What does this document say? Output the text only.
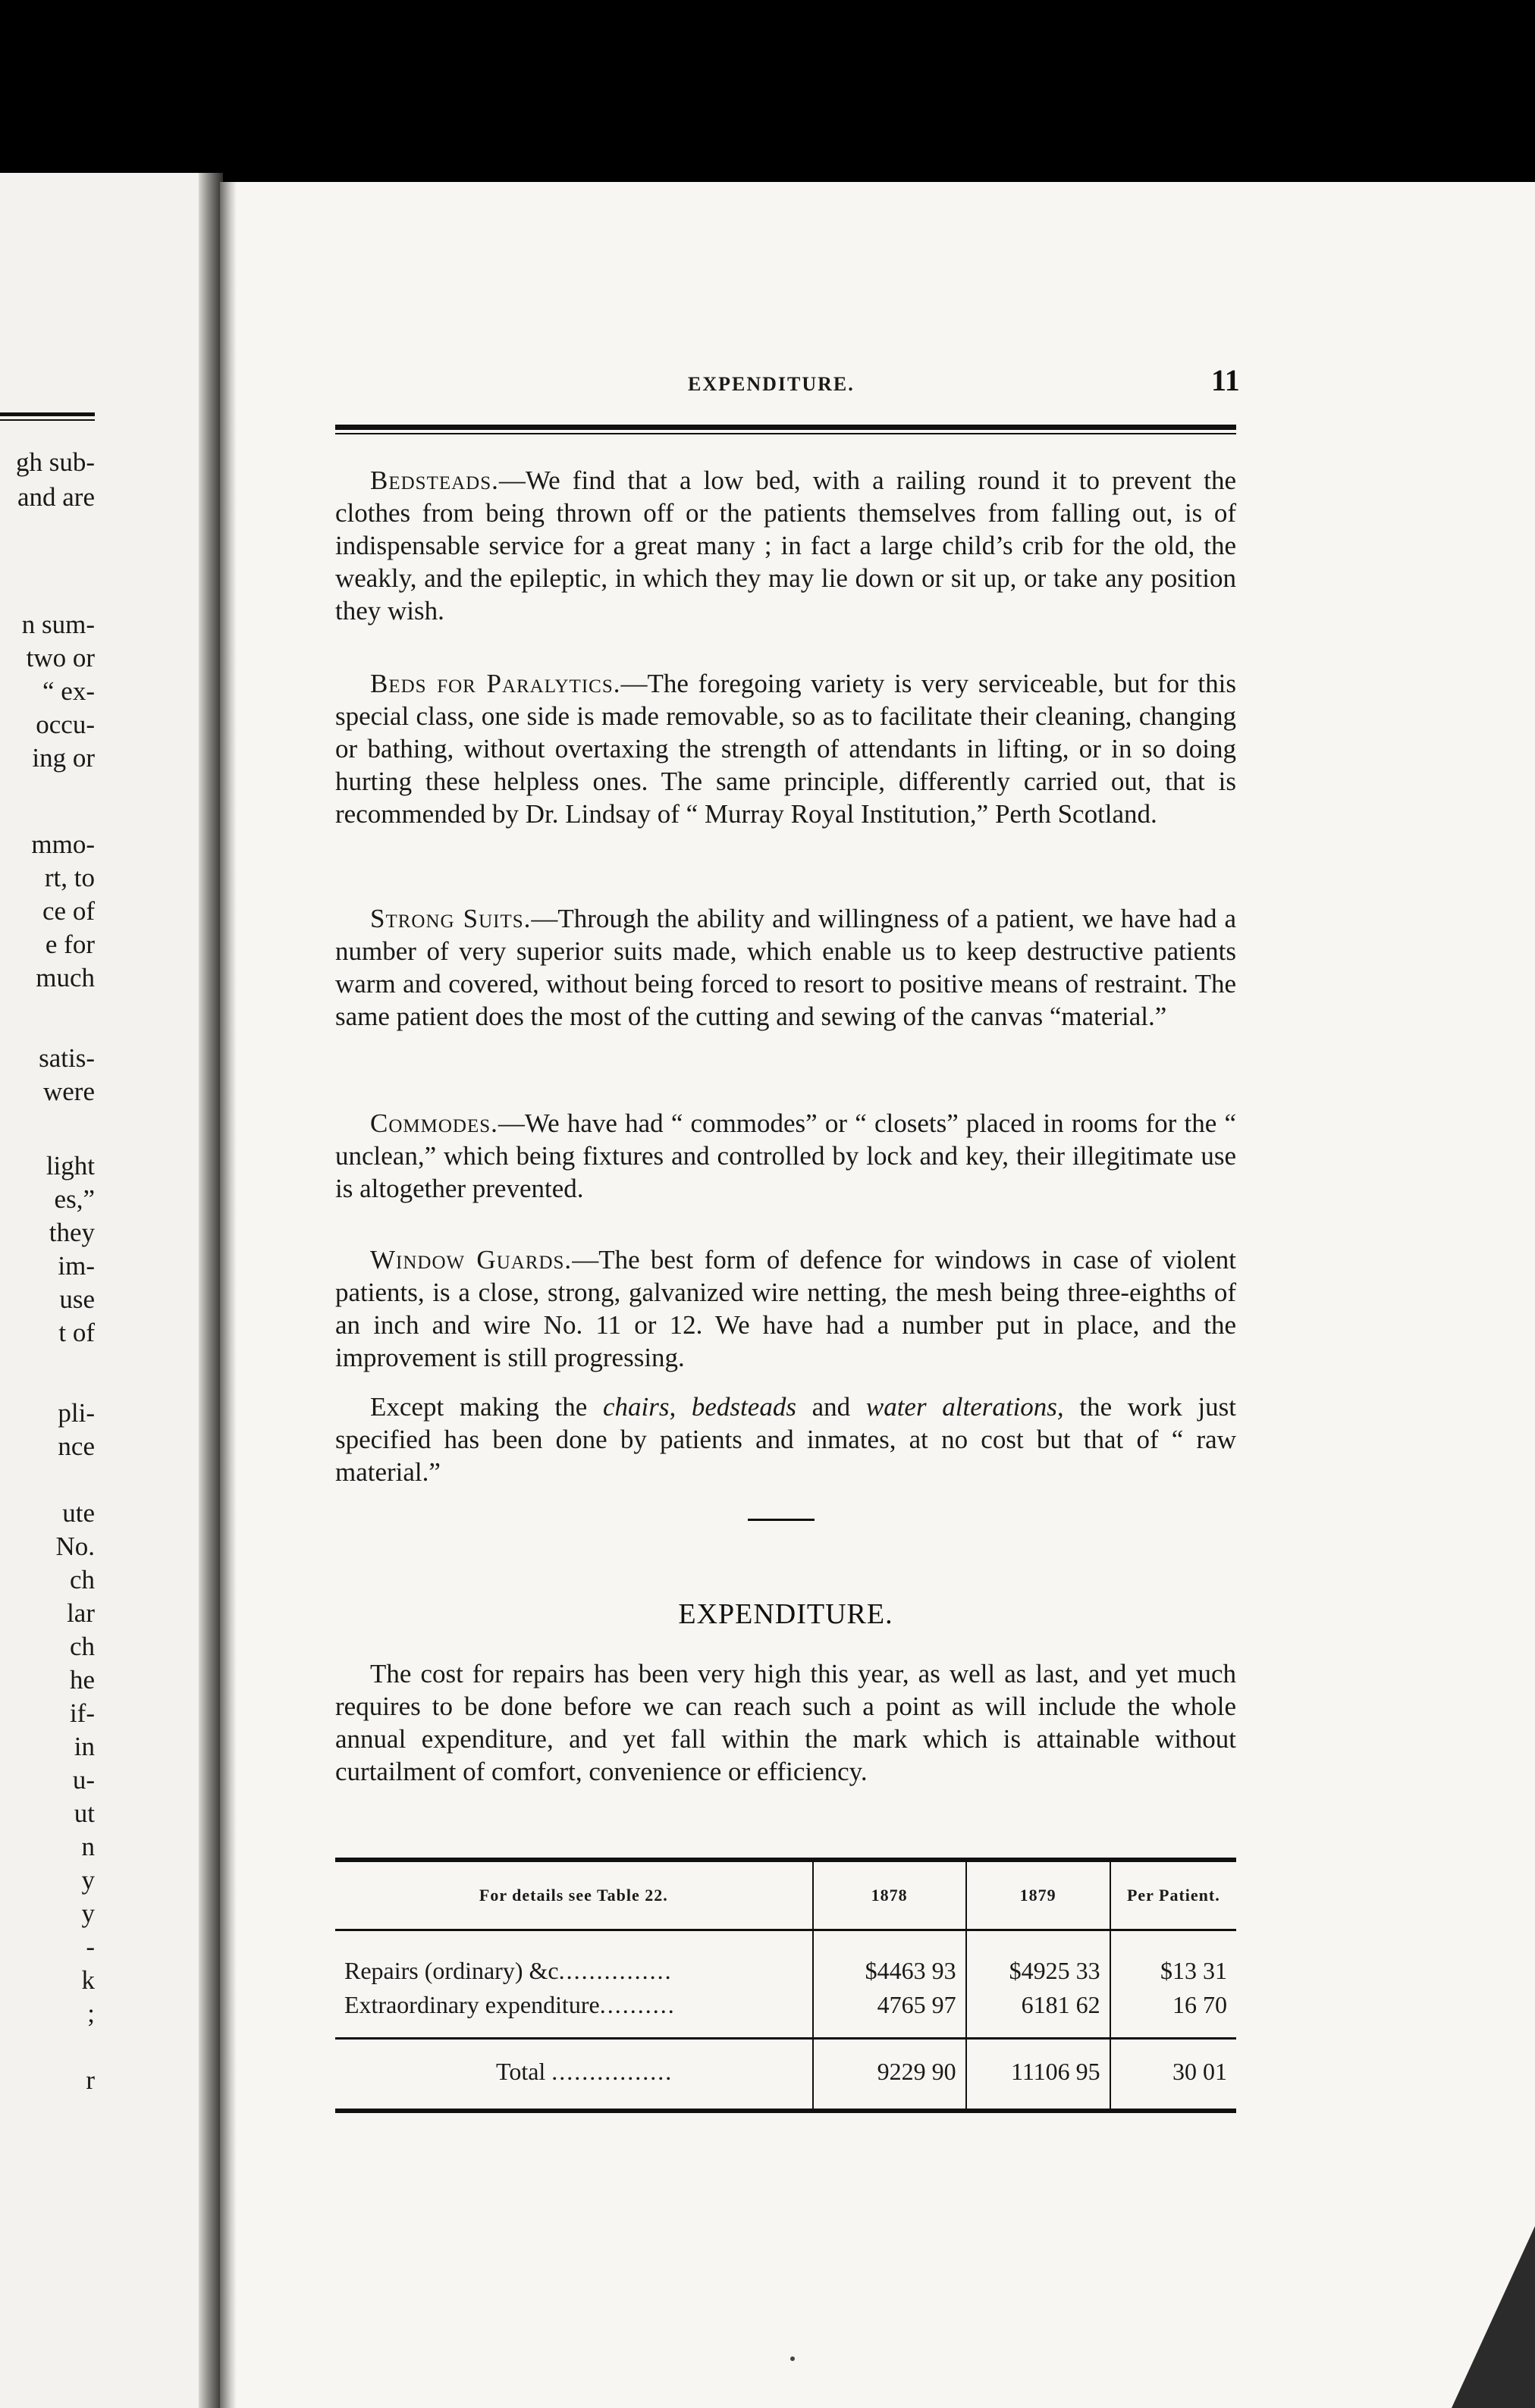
gh sub-
and are
n sum-
two or
“ ex-
occu-
ing or
mmo-
rt, to
ce of
e for
much
satis-
were
light
es,”
they
im-
use
t of
pli-
nce
ute
No.
ch
lar
ch
he
if-
in
u-
ut
n
y
y
-
k
;
r
EXPENDITURE.	11

Bedsteads.—We find that a low bed, with a railing round it to prevent the clothes from being thrown off or the patients themselves from falling out, is of indispensable service for a great many ; in fact a large child’s crib for the old, the weakly, and the epileptic, in which they may lie down or sit up, or take any position they wish.

Beds for Paralytics.—The foregoing variety is very serviceable, but for this special class, one side is made removable, so as to facilitate their cleaning, changing or bathing, without overtaxing the strength of attendants in lifting, or in so doing hurting these helpless ones. The same principle, differently carried out, that is recommended by Dr. Lindsay of “ Murray Royal Institution,” Perth Scotland.

Strong Suits.—Through the ability and willingness of a patient, we have had a number of very superior suits made, which enable us to keep destructive patients warm and covered, without being forced to resort to positive means of restraint. The same patient does the most of the cutting and sewing of the canvas “material.”

Commodes.—We have had “ commodes” or “ closets” placed in rooms for the “ unclean,” which being fixtures and controlled by lock and key, their illegitimate use is altogether prevented.

Window Guards.—The best form of defence for windows in case of violent patients, is a close, strong, galvanized wire netting, the mesh being three-eighths of an inch and wire No. 11 or 12. We have had a number put in place, and the improvement is still progressing.

Except making the chairs, bedsteads and water alterations, the work just specified has been done by patients and inmates, at no cost but that of “ raw material.”

EXPENDITURE.

The cost for repairs has been very high this year, as well as last, and yet much requires to be done before we can reach such a point as will include the whole annual expenditure, and yet fall within the mark which is attainable without curtailment of comfort, convenience or efficiency.

For details see Table 22.	1878	1879	Per Patient.
Repairs (ordinary) &c...............	$4463 93	$4925 33	$13 31
Extraordinary expenditure..........	4765 97	6181 62	16 70
Total ................	9229 90	11106 95	30 01
